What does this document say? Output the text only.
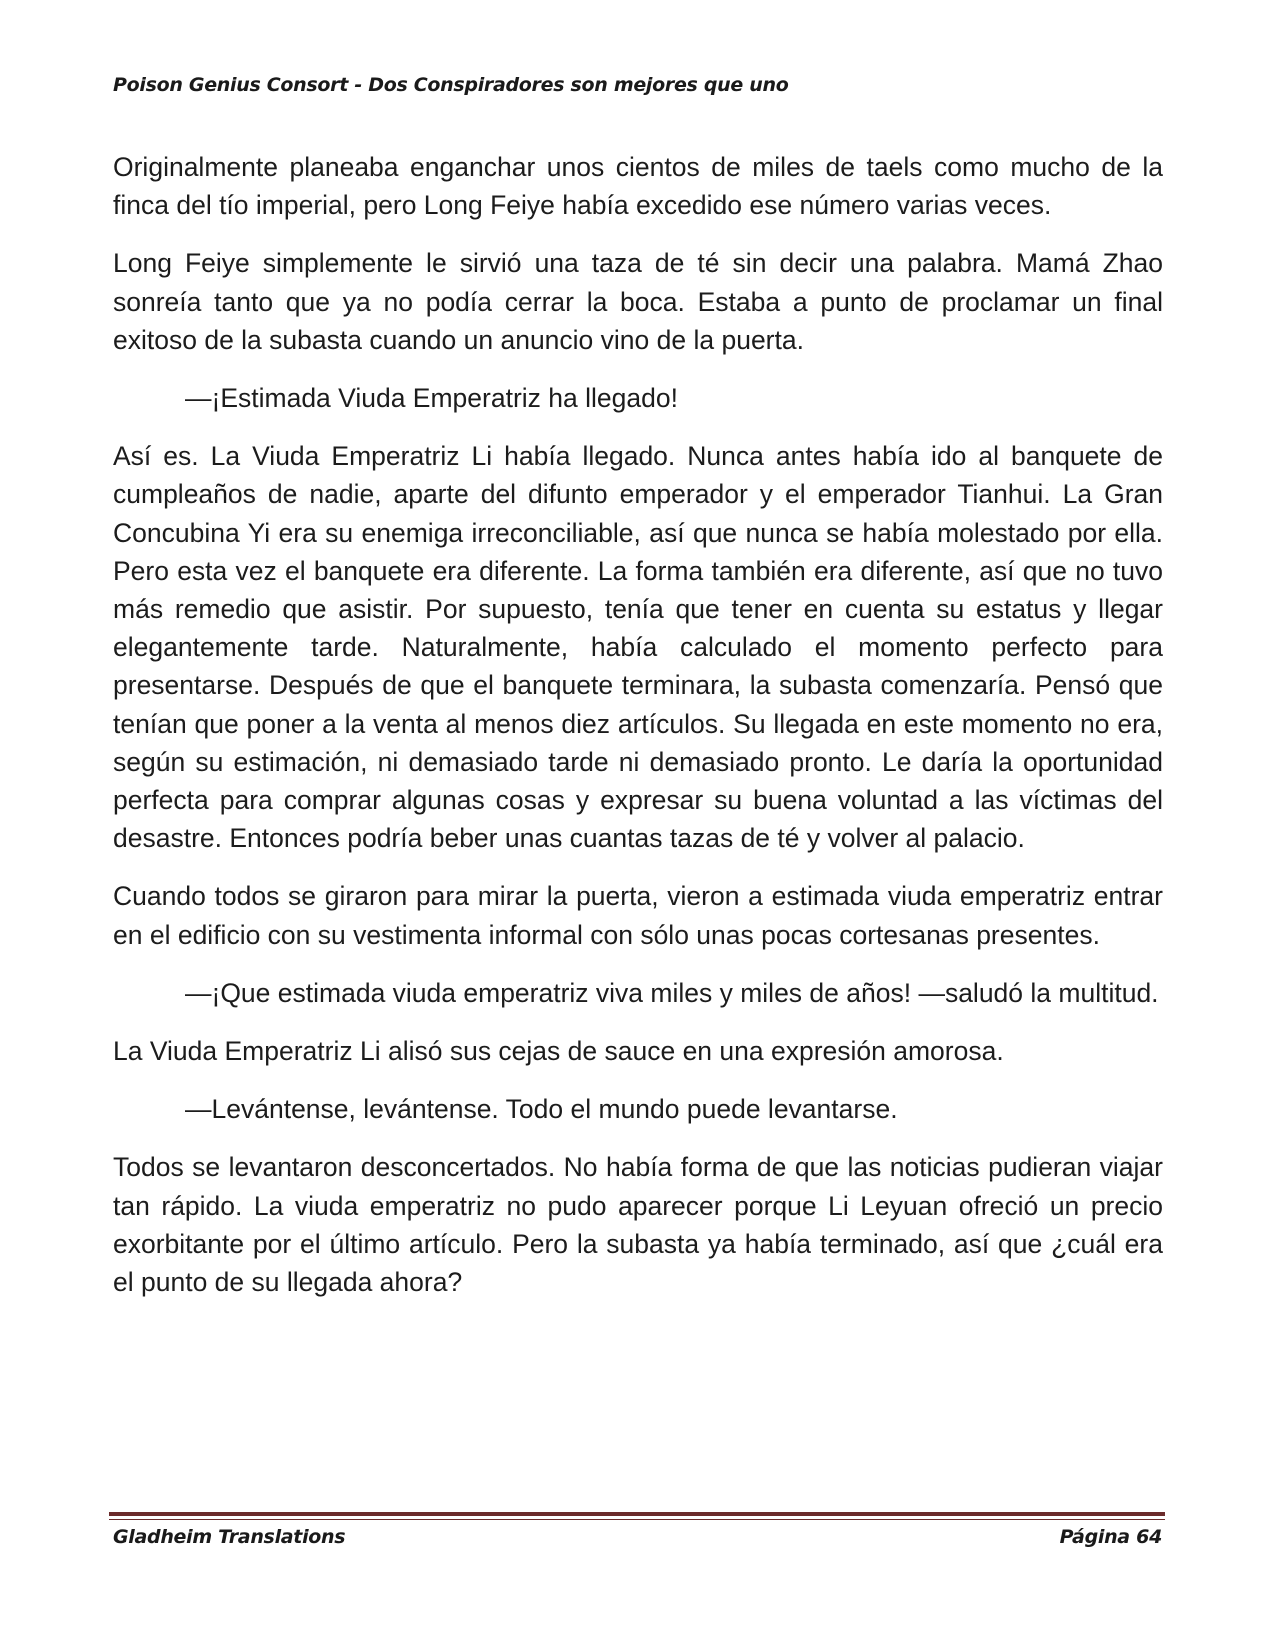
Poison Genius Consort - Dos Conspiradores son mejores que uno

Originalmente planeaba enganchar unos cientos de miles de taels como mucho de la finca del tío imperial, pero Long Feiye había excedido ese número varias veces.

Long Feiye simplemente le sirvió una taza de té sin decir una palabra. Mamá Zhao sonreía tanto que ya no podía cerrar la boca. Estaba a punto de proclamar un final exitoso de la subasta cuando un anuncio vino de la puerta.

—¡Estimada Viuda Emperatriz ha llegado!

Así es. La Viuda Emperatriz Li había llegado. Nunca antes había ido al banquete de cumpleaños de nadie, aparte del difunto emperador y el emperador Tianhui. La Gran Concubina Yi era su enemiga irreconciliable, así que nunca se había molestado por ella. Pero esta vez el banquete era diferente. La forma también era diferente, así que no tuvo más remedio que asistir. Por supuesto, tenía que tener en cuenta su estatus y llegar elegantemente tarde. Naturalmente, había calculado el momento perfecto para presentarse. Después de que el banquete terminara, la subasta comenzaría. Pensó que tenían que poner a la venta al menos diez artículos. Su llegada en este momento no era, según su estimación, ni demasiado tarde ni demasiado pronto. Le daría la oportunidad perfecta para comprar algunas cosas y expresar su buena voluntad a las víctimas del desastre. Entonces podría beber unas cuantas tazas de té y volver al palacio.

Cuando todos se giraron para mirar la puerta, vieron a estimada viuda emperatriz entrar en el edificio con su vestimenta informal con sólo unas pocas cortesanas presentes.

—¡Que estimada viuda emperatriz viva miles y miles de años! —saludó la multitud.

La Viuda Emperatriz Li alisó sus cejas de sauce en una expresión amorosa.

—Levántense, levántense. Todo el mundo puede levantarse.

Todos se levantaron desconcertados. No había forma de que las noticias pudieran viajar tan rápido. La viuda emperatriz no pudo aparecer porque Li Leyuan ofreció un precio exorbitante por el último artículo. Pero la subasta ya había terminado, así que ¿cuál era el punto de su llegada ahora?

Gladheim Translations	Página 64
